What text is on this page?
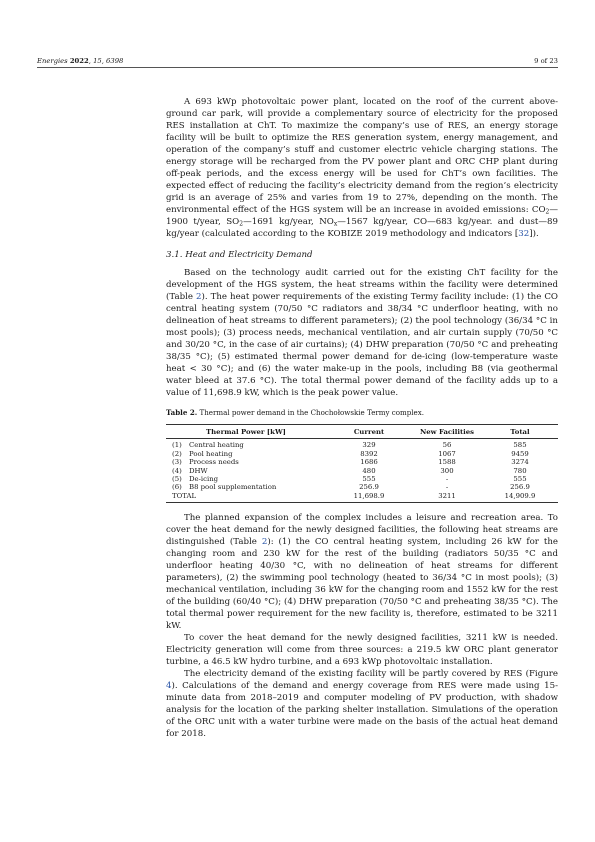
Energies 2022, 15, 6398	9 of 23

A 693 kWp photovoltaic power plant, located on the roof of the current above-ground car park, will provide a complementary source of electricity for the proposed RES installation at ChT. To maximize the company’s use of RES, an energy storage facility will be built to optimize the RES generation system, energy management, and operation of the company’s stuff and customer electric vehicle charging stations. The energy storage will be recharged from the PV power plant and ORC CHP plant during off-peak periods, and the excess energy will be used for ChT’s own facilities. The expected effect of reducing the facility’s electricity demand from the region’s electricity grid is an average of 25% and varies from 19 to 27%, depending on the month. The environmental effect of the HGS system will be an increase in avoided emissions: $CO_2—1900$ t/year, $SO_2—1691$ kg/year, $NO_x—1567$ kg/year, CO—683 kg/year. and dust—89 kg/year (calculated according to the KOBIZE 2019 methodology and indicators [32]).

3.1. Heat and Electricity Demand

Based on the technology audit carried out for the existing ChT facility for the development of the HGS system, the heat streams within the facility were determined (Table 2). The heat power requirements of the existing Termy facility include: (1) the CO central heating system (70/50 °C radiators and 38/34 °C underfloor heating, with no delineation of heat streams to different parameters); (2) the pool technology (36/34 °C in most pools); (3) process needs, mechanical ventilation, and air curtain supply (70/50 °C and 30/20 °C, in the case of air curtains); (4) DHW preparation (70/50 °C and preheating 38/35 °C); (5) estimated thermal power demand for de-icing (low-temperature waste heat < 30 °C); and (6) the water make-up in the pools, including B8 (via geothermal water bleed at 37.6 °C). The total thermal power demand of the facility adds up to a value of 11,698.9 kW, which is the peak power value.

Table 2. Thermal power demand in the Chochołowskie Termy complex.
Thermal Power [kW]	Current	New Facilities	Total
(1) Central heating	329	56	585
(2) Pool heating	8392	1067	9459
(3) Process needs	1686	1588	3274
(4) DHW	480	300	780
(5) De-icing	555	-	555
(6) B8 pool supplementation	256.9	-	256.9
TOTAL	11,698.9	3211	14,909.9

The planned expansion of the complex includes a leisure and recreation area. To cover the heat demand for the newly designed facilities, the following heat streams are distinguished (Table 2): (1) the CO central heating system, including 26 kW for the changing room and 230 kW for the rest of the building (radiators 50/35 °C and underfloor heating 40/30 °C, with no delineation of heat streams for different parameters), (2) the swimming pool technology (heated to 36/34 °C in most pools); (3) mechanical ventilation, including 36 kW for the changing room and 1552 kW for the rest of the building (60/40 °C); (4) DHW preparation (70/50 °C and preheating 38/35 °C). The total thermal power requirement for the new facility is, therefore, estimated to be 3211 kW.

To cover the heat demand for the newly designed facilities, 3211 kW is needed. Electricity generation will come from three sources: a 219.5 kW ORC plant generator turbine, a 46.5 kW hydro turbine, and a 693 kWp photovoltaic installation.

The electricity demand of the existing facility will be partly covered by RES (Figure 4). Calculations of the demand and energy coverage from RES were made using 15-minute data from 2018–2019 and computer modeling of PV production, with shadow analysis for the location of the parking shelter installation. Simulations of the operation of the ORC unit with a water turbine were made on the basis of the actual heat demand for 2018.
